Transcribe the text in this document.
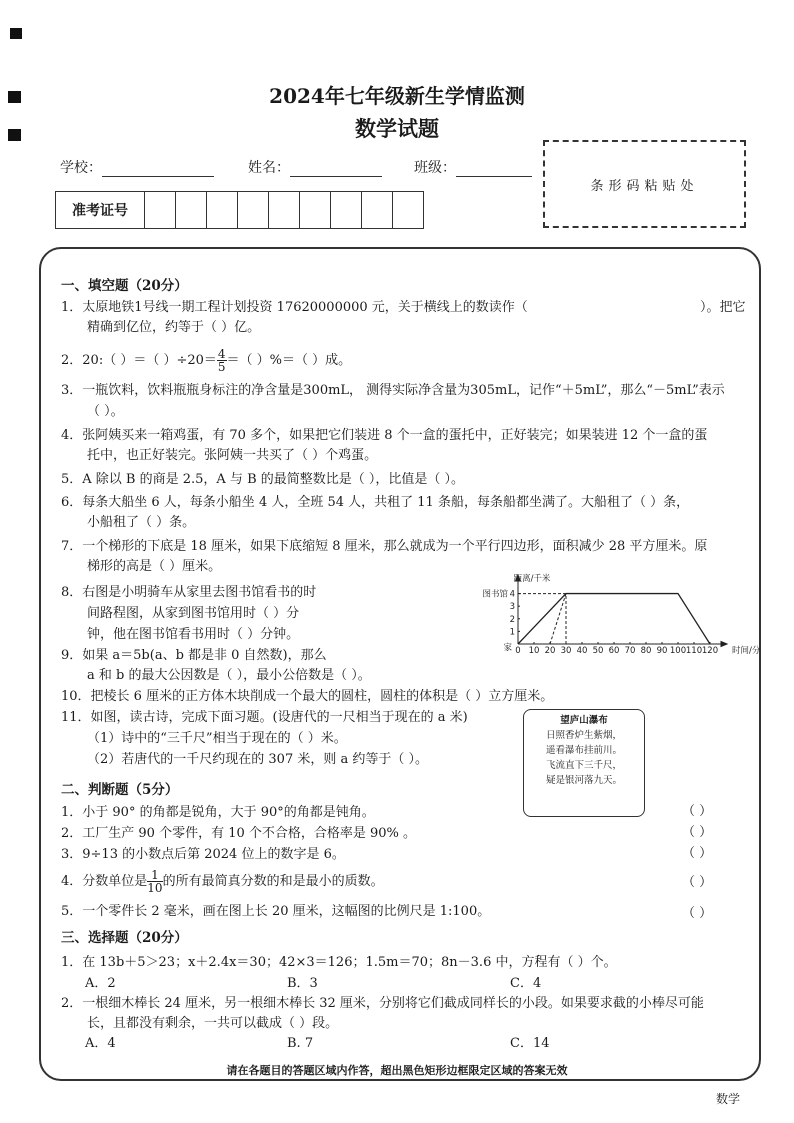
2024年七年级新生学情监测
数学试题
学校：	姓名：	班级：
条形码粘贴处
准考证号
一、填空题（20分）
1．太原地铁1号线一期工程计划投资 17620000000 元，关于横线上的数读作（	）。把它
精确到亿位，约等于（ ）亿。
2．20:（ ）＝（ ）$\div 20= \frac{4}{5}$ ＝（ ）%＝（ ）成。
3．一瓶饮料，饮料瓶瓶身标注的净含量是300mL， 测得实际净含量为305mL，记作“＋5mL”，那么“－5mL”表示
（ ）。
4．张阿姨买来一箱鸡蛋，有 70 多个，如果把它们装进 8 个一盒的蛋托中，正好装完；如果装进 12 个一盒的蛋
托中，也正好装完。张阿姨一共买了（ ）个鸡蛋。
5．A 除以 B 的商是 2.5，A 与 B 的最简整数比是（ ），比值是（ ）。
6．每条大船坐 6 人，每条小船坐 4 人，全班 54 人，共租了 11 条船，每条船都坐满了。大船租了（ ）条，
小船租了（ ）条。
7．一个梯形的下底是 18 厘米，如果下底缩短 8 厘米，那么就成为一个平行四边形，面积减少 28 平方厘米。原
梯形的高是（ ）厘米。
8．右图是小明骑车从家里去图书馆看书的时
间路程图，从家到图书馆用时（ ）分
钟，他在图书馆看书用时（ ）分钟。
9．如果 a＝5b(a、b 都是非 0 自然数)，那么
a 和 b 的最大公因数是（ ），最小公倍数是（ ）。
0 10 20 30 40 50 60 70 80 90 100 110 120
1
2
3
4
图书馆
家
距离/千米
时间/分
10．把棱长 6 厘米的正方体木块削成一个最大的圆柱，圆柱的体积是（ ）立方厘米。
11．如图，读古诗，完成下面习题。(设唐代的一尺相当于现在的 a 米)
（1）诗中的“三千尺”相当于现在的（ ）米。
（2）若唐代的一千尺约现在的 307 米，则 a 约等于（ ）。
望庐山瀑布
日照香炉生紫烟，
遥看瀑布挂前川。
飞流直下三千尺，
疑是银河落九天。
二、判断题（5分）
1．小于 90° 的角都是锐角，大于 90°的角都是钝角。	（ ）
2．工厂生产 90 个零件，有 10 个不合格，合格率是 90% 。	（ ）
3．9÷13 的小数点后第 2024 位上的数字是 6。	（ ）
4．分数单位是 $\frac{1}{10}$ 的所有最简真分数的和是最小的质数。	（ ）
5．一个零件长 2 毫米，画在图上长 20 厘米，这幅图的比例尺是 1:100。	（ ）
三、选择题（20分）
1．在 13b＋5＞23；x＋2.4x＝30；42×3＝126；1.5m＝70；8n－3.6 中，方程有（ ）个。
A．2	B．3	C．4
2．一根细木棒长 24 厘米，另一根细木棒长 32 厘米，分别将它们截成同样长的小段。如果要求截的小棒尽可能
长，且都没有剩余，一共可以截成（ ）段。
A．4	B. 7	C．14
请在各题目的答题区域内作答，超出黑色矩形边框限定区域的答案无效
数学
